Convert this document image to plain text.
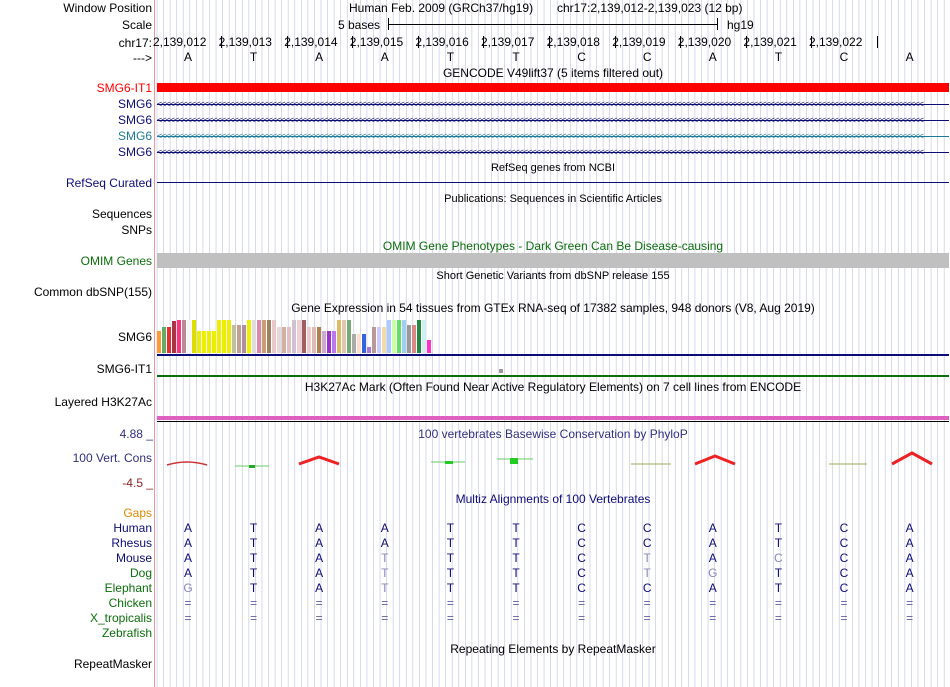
Window Position	Human Feb. 2009 (GRCh37/hg19) chr17:2,139,012-2,139,023 (12 bp)
Scale	5 bases	hg19
chr17: 2,139,012 2,139,013 2,139,014 2,139,015 2,139,016 2,139,017 2,139,018 2,139,019 2,139,020 2,139,021 2,139,022
--->	A	T	A	A	T	T	C	C	A	T	C	A
GENCODE V49lift37 (5 items filtered out)
SMG6-IT1
SMG6
SMG6
SMG6
SMG6
<<<<<<<<<<<<<<<<<<<<<<<<<<<<<<<<<<<<<<<<<<<<<<<<<<<<<<<<<<<<<<<<<<<<<<<<<<<<<<<<<<<<<<<<<<<<<<<<<<<<<<<<<<<<<<<<<<<<<<<<<<<<<<<<<<<<<<<<<<<<<<<<<<<<<<<<<<<<<<<<<<<<<<<<<<<<<<<<<<<<
<<<<<<<<<<<<<<<<<<<<<<<<<<<<<<<<<<<<<<<<<<<<<<<<<<<<<<<<<<<<<<<<<<<<<<<<<<<<<<<<<<<<<<<<<<<<<<<<<<<<<<<<<<<<<<<<<<<<<<<<<<<<<<<<<<<<<<<<<<<<<<<<<<<<<<<<<<<<<<<<<<<<<<<<<<<<<<<<<<<<
<<<<<<<<<<<<<<<<<<<<<<<<<<<<<<<<<<<<<<<<<<<<<<<<<<<<<<<<<<<<<<<<<<<<<<<<<<<<<<<<<<<<<<<<<<<<<<<<<<<<<<<<<<<<<<<<<<<<<<<<<<<<<<<<<<<<<<<<<<<<<<<<<<<<<<<<<<<<<<<<<<<<<<<<<<<<<<<<<<<<
<<<<<<<<<<<<<<<<<<<<<<<<<<<<<<<<<<<<<<<<<<<<<<<<<<<<<<<<<<<<<<<<<<<<<<<<<<<<<<<<<<<<<<<<<<<<<<<<<<<<<<<<<<<<<<<<<<<<<<<<<<<<<<<<<<<<<<<<<<<<<<<<<<<<<<<<<<<<<<<<<<<<<<<<<<<<<<<<<<<<
RefSeq genes from NCBI
RefSeq Curated
Publications: Sequences in Scientific Articles
Sequences
SNPs
OMIM Gene Phenotypes - Dark Green Can Be Disease-causing
OMIM Genes
Short Genetic Variants from dbSNP release 155
Common dbSNP(155)
Gene Expression in 54 tissues from GTEx RNA-seq of 17382 samples, 948 donors (V8, Aug 2019)
SMG6
SMG6-IT1
H3K27Ac Mark (Often Found Near Active Regulatory Elements) on 7 cell lines from ENCODE
Layered H3K27Ac
100 vertebrates Basewise Conservation by PhyloP
4.88 _
100 Vert. Cons
-4.5 _
Multiz Alignments of 100 Vertebrates
Gaps
Human	A	T	A	A	T	T	C	C	A	T	C	A
Rhesus	A	T	A	A	T	T	C	C	A	T	C	A
Mouse	A	T	A	T	T	T	C	T	A	C	C	A
Dog	A	T	A	T	T	T	C	T	G	T	C	A
Elephant	G	T	A	T	T	T	C	C	A	T	C	A
Chicken	=	=	=	=	=	=	=	=	=	=	=	=
X_tropicalis	=	=	=	=	=	=	=	=	=	=	=	=
Zebrafish
Repeating Elements by RepeatMasker
RepeatMasker
